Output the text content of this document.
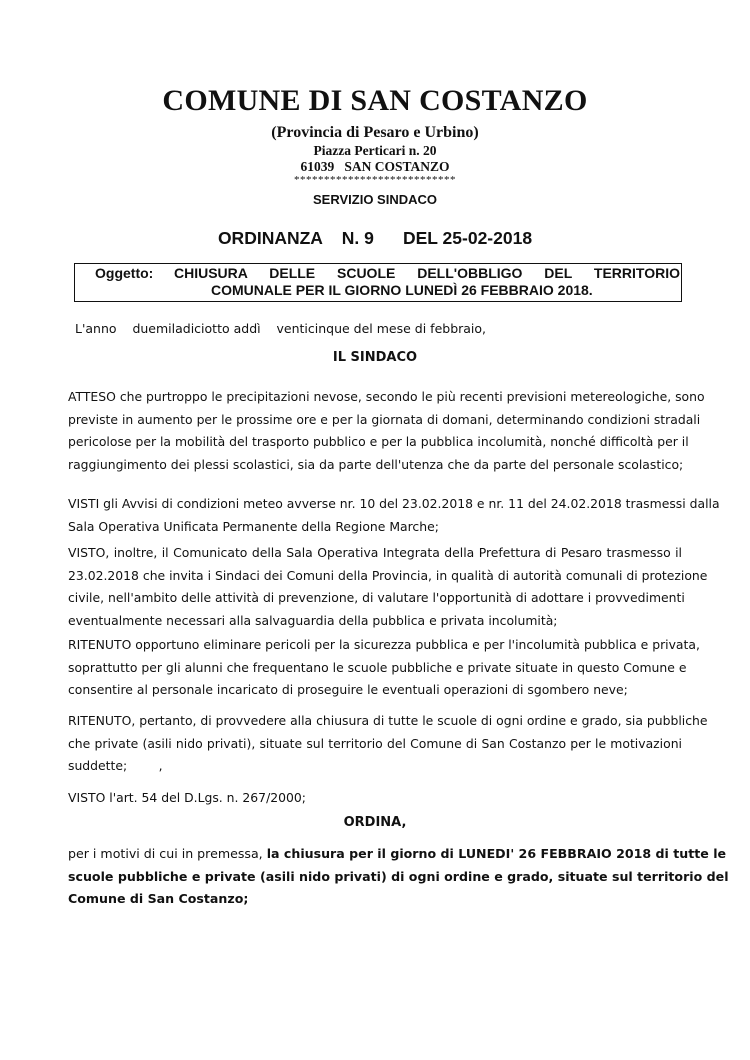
COMUNE DI SAN COSTANZO
(Provincia di Pesaro e Urbino)
Piazza Perticari n. 20
61039   SAN COSTANZO
***************************
SERVIZIO SINDACO
ORDINANZA    N. 9      DEL 25-02-2018
Oggetto: CHIUSURA DELLE SCUOLE DELL'OBBLIGO DEL TERRITORIO
COMUNALE PER IL GIORNO LUNEDÌ 26 FEBBRAIO 2018.
L'anno    duemiladiciotto addì    venticinque del mese di febbraio,
IL SINDACO
ATTESO che purtroppo le precipitazioni nevose, secondo le più recenti previsioni metereologiche, sono
previste in aumento per le prossime ore e per la giornata di domani, determinando condizioni stradali
pericolose per la mobilità del trasporto pubblico e per la pubblica incolumità, nonché difficoltà per il
raggiungimento dei plessi scolastici, sia da parte dell'utenza che da parte del personale scolastico;
VISTI gli Avvisi di condizioni meteo avverse nr. 10 del 23.02.2018 e nr. 11 del 24.02.2018 trasmessi dalla
Sala Operativa Unificata Permanente della Regione Marche;
VISTO, inoltre, il Comunicato della Sala Operativa Integrata della Prefettura di Pesaro trasmesso il
23.02.2018 che invita i Sindaci dei Comuni della Provincia, in qualità di autorità comunali di protezione
civile, nell'ambito delle attività di prevenzione, di valutare l'opportunità di adottare i provvedimenti
eventualmente necessari alla salvaguardia della pubblica e privata incolumità;
RITENUTO opportuno eliminare pericoli per la sicurezza pubblica e per l'incolumità pubblica e privata,
soprattutto per gli alunni che frequentano le scuole pubbliche e private situate in questo Comune e
consentire al personale incaricato di proseguire le eventuali operazioni di sgombero neve;
RITENUTO, pertanto, di provvedere alla chiusura di tutte le scuole di ogni ordine e grado, sia pubbliche
che private (asili nido privati), situate sul territorio del Comune di San Costanzo per le motivazioni
suddette;        ,
VISTO l'art. 54 del D.Lgs. n. 267/2000;
ORDINA,
per i motivi di cui in premessa, la chiusura per il giorno di LUNEDI' 26 FEBBRAIO 2018 di tutte le
scuole pubbliche e private (asili nido privati) di ogni ordine e grado, situate sul territorio del
Comune di San Costanzo;
